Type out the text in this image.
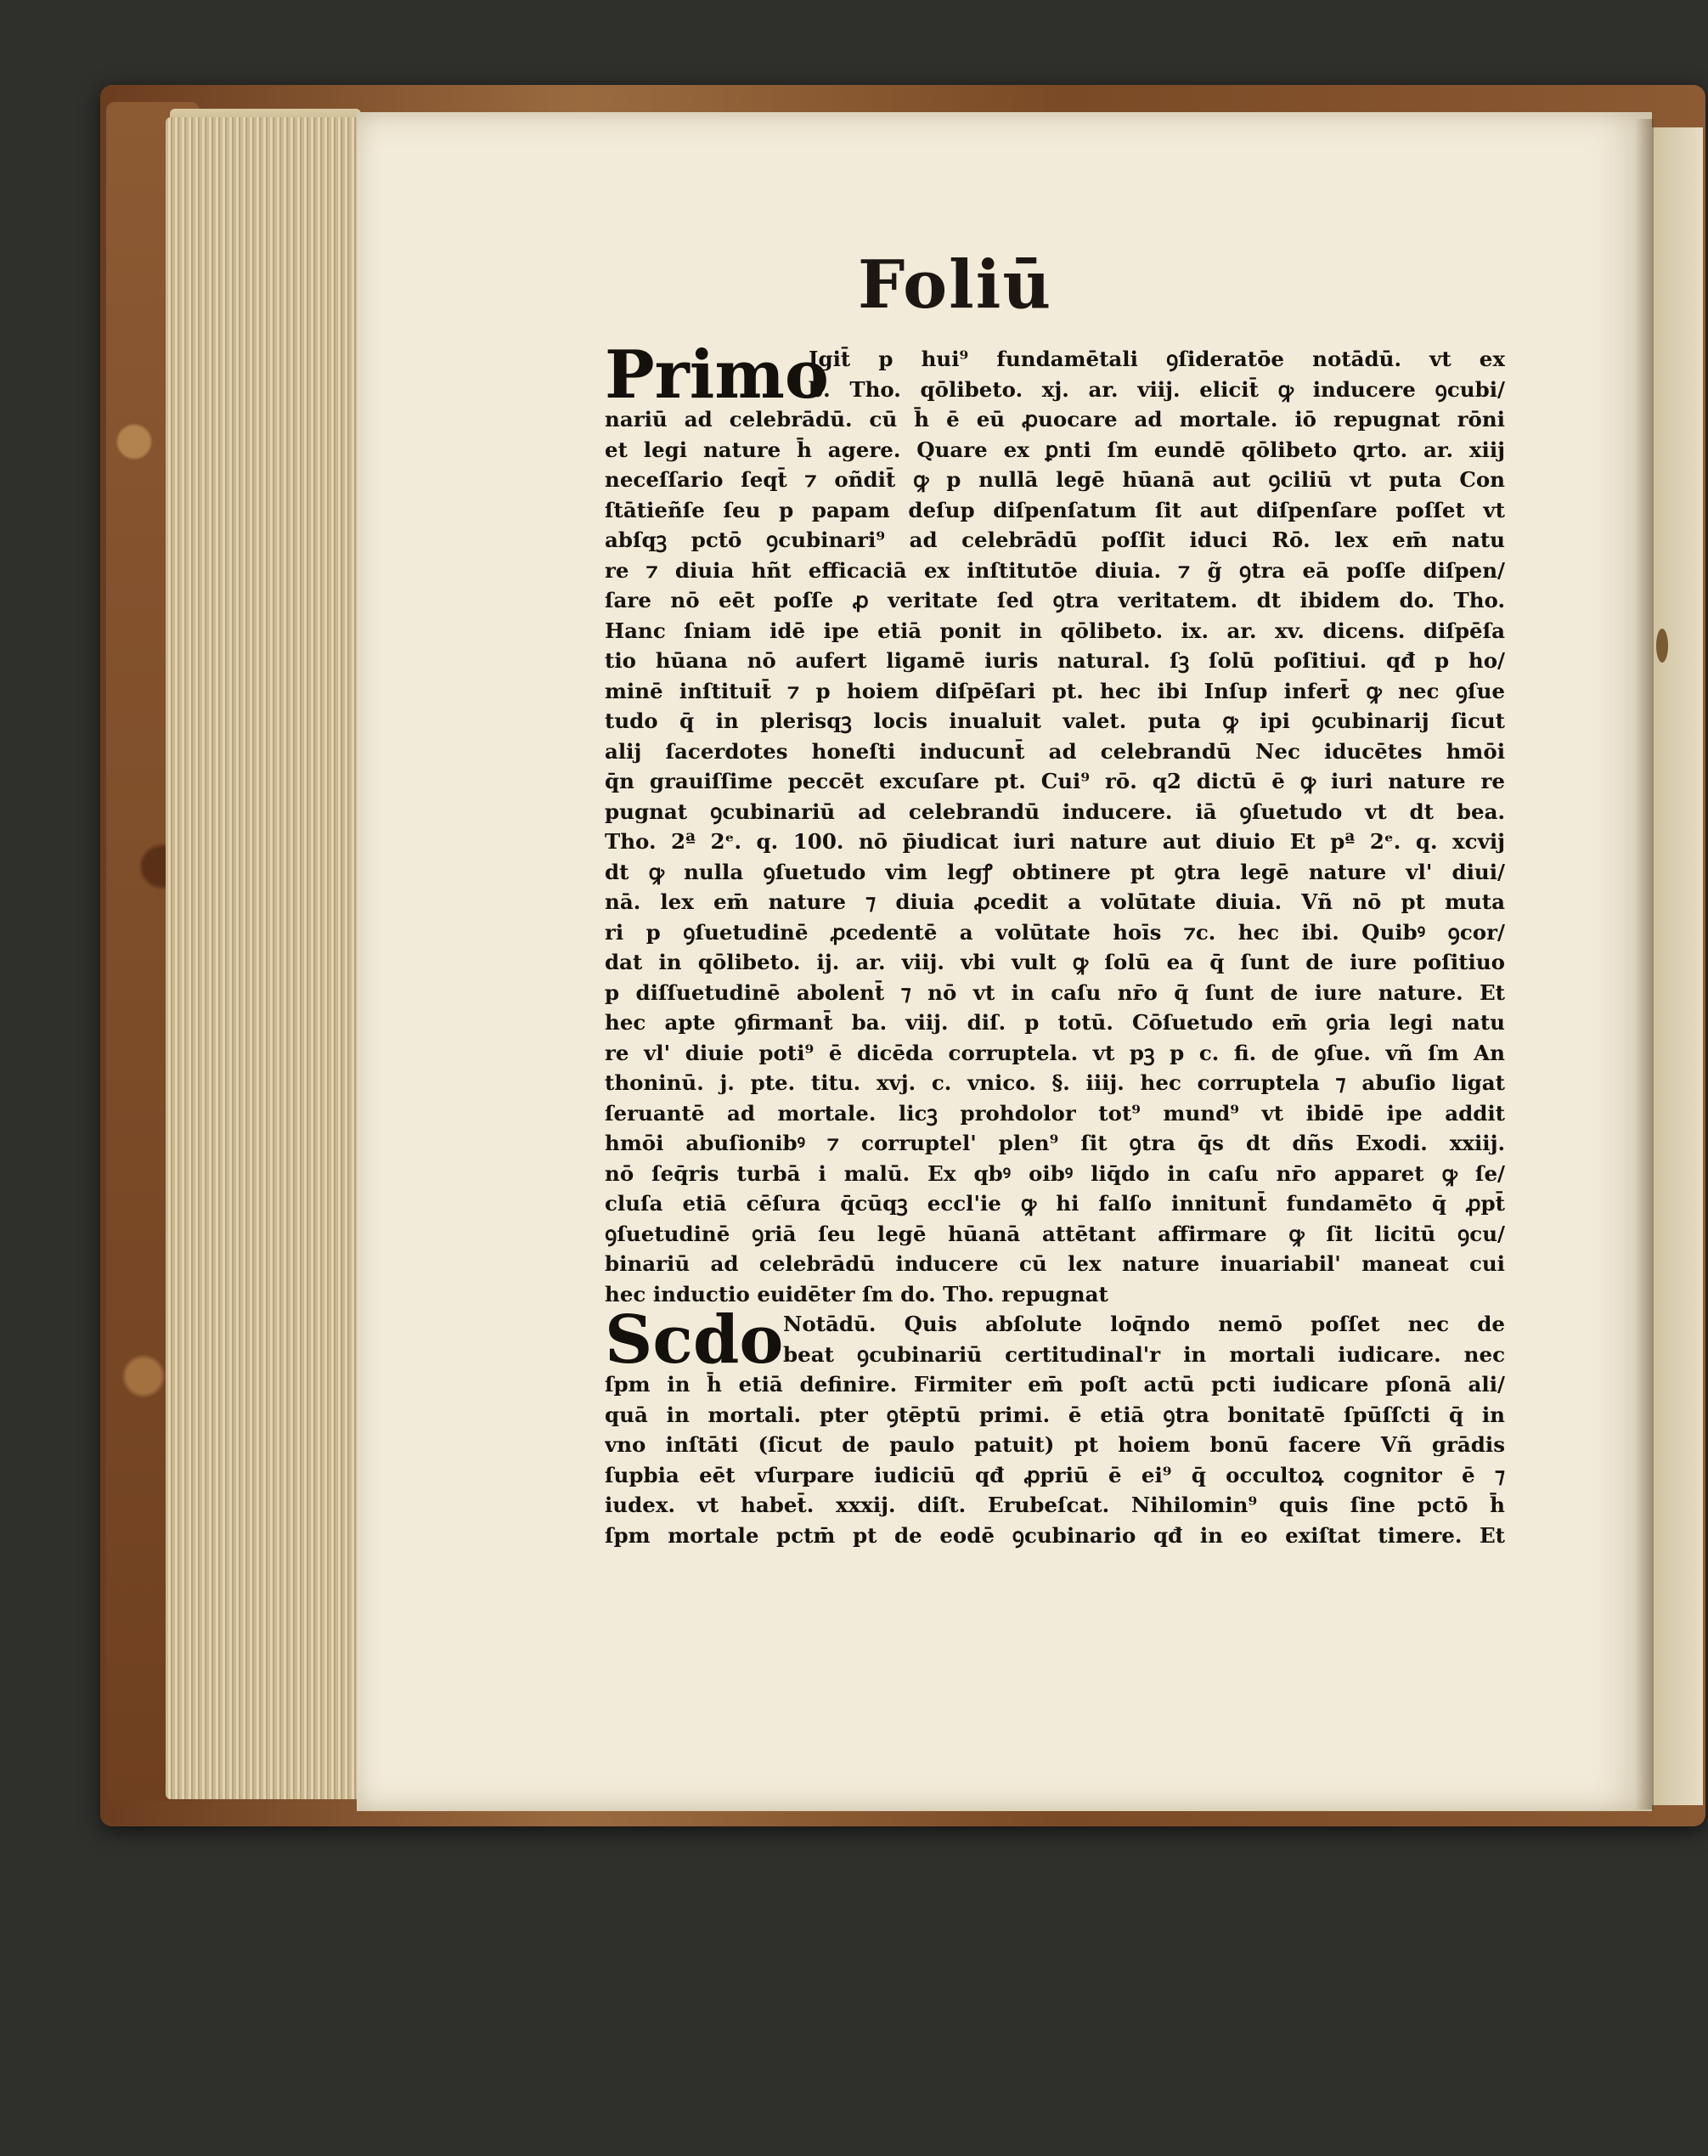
Foliū
Primo
Igit̄ p hui⁹ fundamētali ꝯſideratōe notādū. vt ex
b. Tho. qōlibeto. xj. ar. viij. elicit̄ ꝙ inducere ꝯcubi/
nariū ad celebrādū. cū h̄ ē eū ꝓuocare ad mortale. iō repugnat rōni
et legi nature h̄ agere. Quare ex ꝑnti ſm eundē qōlibeto ꝗrto. ar. xiij
neceſſario ſeqt̄ ⁊ oñdit̄ ꝙ p nullā legē hūanā aut ꝯciliū vt puta Con
ſtātieñſe ſeu p papam deſup diſpenſatum ſit aut diſpenſare poſſet vt
abſqꝫ pctō ꝯcubinari⁹ ad celebrādū poſſit iduci Rō. lex em̄ natu
re ⁊ diuia hñt efficaciā ex inſtitutōe diuia. ⁊ g̃ ꝯtra eā poſſe diſpen/
ſare nō eēt poſſe ꝓ veritate ſed ꝯtra veritatem. dt ibidem do. Tho.
Hanc ſniam idē ipe etiā ponit in qōlibeto. ix. ar. xv. dicens. diſpēſa
tio hūana nō aufert ligamē iuris natural. ſꝫ ſolū poſitiui. qđ p ho/
minē inſtituit̄ ⁊ p hoiem diſpēſari pt. hec ibi Inſup infert̄ ꝙ nec ꝯſue
tudo q̄ in plerisqꝫ locis inualuit valet. puta ꝙ ipi ꝯcubinarij ſicut
alij ſacerdotes honeſti inducunt̄ ad celebrandū Nec iducētes hmōi
q̄n grauiſſime peccēt excuſare pt. Cui⁹ rō. q2 dictū ē ꝙ iuri nature re
pugnat ꝯcubinariū ad celebrandū inducere. iā ꝯſuetudo vt dt bea.
Tho. 2ª 2ᵉ. q. 100. nō p̄iudicat iuri nature aut diuio Et pª 2ᵉ. q. xcvij
dt ꝙ nulla ꝯſuetudo vim legꝭ obtinere pt ꝯtra legē nature vl' diui/
nā. lex em̄ nature ⁊ diuia ꝓcedit a volūtate diuia. Vñ nō pt muta
ri p ꝯſuetudinē ꝓcedentē a volūtate hoīs ⁊c. hec ibi. Quibꝰ ꝯcor/
dat in qōlibeto. ij. ar. viij. vbi vult ꝙ ſolū ea q̄ ſunt de iure poſitiuo
p diſſuetudinē abolent̄ ⁊ nō vt in caſu nr̄o q̄ ſunt de iure nature. Et
hec apte ꝯfirmant̄ ba. viij. diſ. p totū. Cōſuetudo em̄ ꝯria legi natu
re vl' diuie poti⁹ ē dicēda corruptela. vt pꝫ p c. fi. de ꝯſue. vñ ſm An
thoninū. j. pte. titu. xvj. c. vnico. §. iiij. hec corruptela ⁊ abuſio ligat
ſeruantē ad mortale. licꝫ prohdolor tot⁹ mund⁹ vt ibidē ipe addit
hmōi abuſionibꝰ ⁊ corruptel' plen⁹ ſit ꝯtra q̄s dt dñs Exodi. xxiij.
nō ſeq̄ris turbā i malū. Ex qbꝰ oibꝰ liq̄do in caſu nr̄o apparet ꝙ ſe/
cluſa etiā cēſura q̄cūqꝫ eccl'ie ꝙ hi falſo innitunt̄ fundamēto q̄ ꝓpt̄
ꝯſuetudinē ꝯriā ſeu legē hūanā attētant affirmare ꝙ ſit licitū ꝯcu/
binariū ad celebrādū inducere cū lex nature inuariabil' maneat cui
hec inductio euidēter ſm do. Tho. repugnat
Scdo Notādū. Quis abſolute loq̄ndo nemō poſſet nec de
beat ꝯcubinariū certitudinal'r in mortali iudicare. nec
ſpm in h̄ etiā definire. Firmiter em̄ poſt actū pcti iudicare pſonā ali/
quā in mortali. pter ꝯtēptū primi. ē etiā ꝯtra bonitatē ſpūſſcti q̄ in
vno inſtāti (ſicut de paulo patuit) pt hoiem bonū facere Vñ grādis
ſupbia eēt vſurpare iudiciū qđ ꝓpriū ē ei⁹ q̄ occultoꝝ cognitor ē ⁊
iudex. vt habet̄. xxxij. diſt. Erubeſcat. Nihilomin⁹ quis ſine pctō h̄
ſpm mortale pctm̄ pt de eodē ꝯcubinario qđ in eo exiſtat timere. Et
